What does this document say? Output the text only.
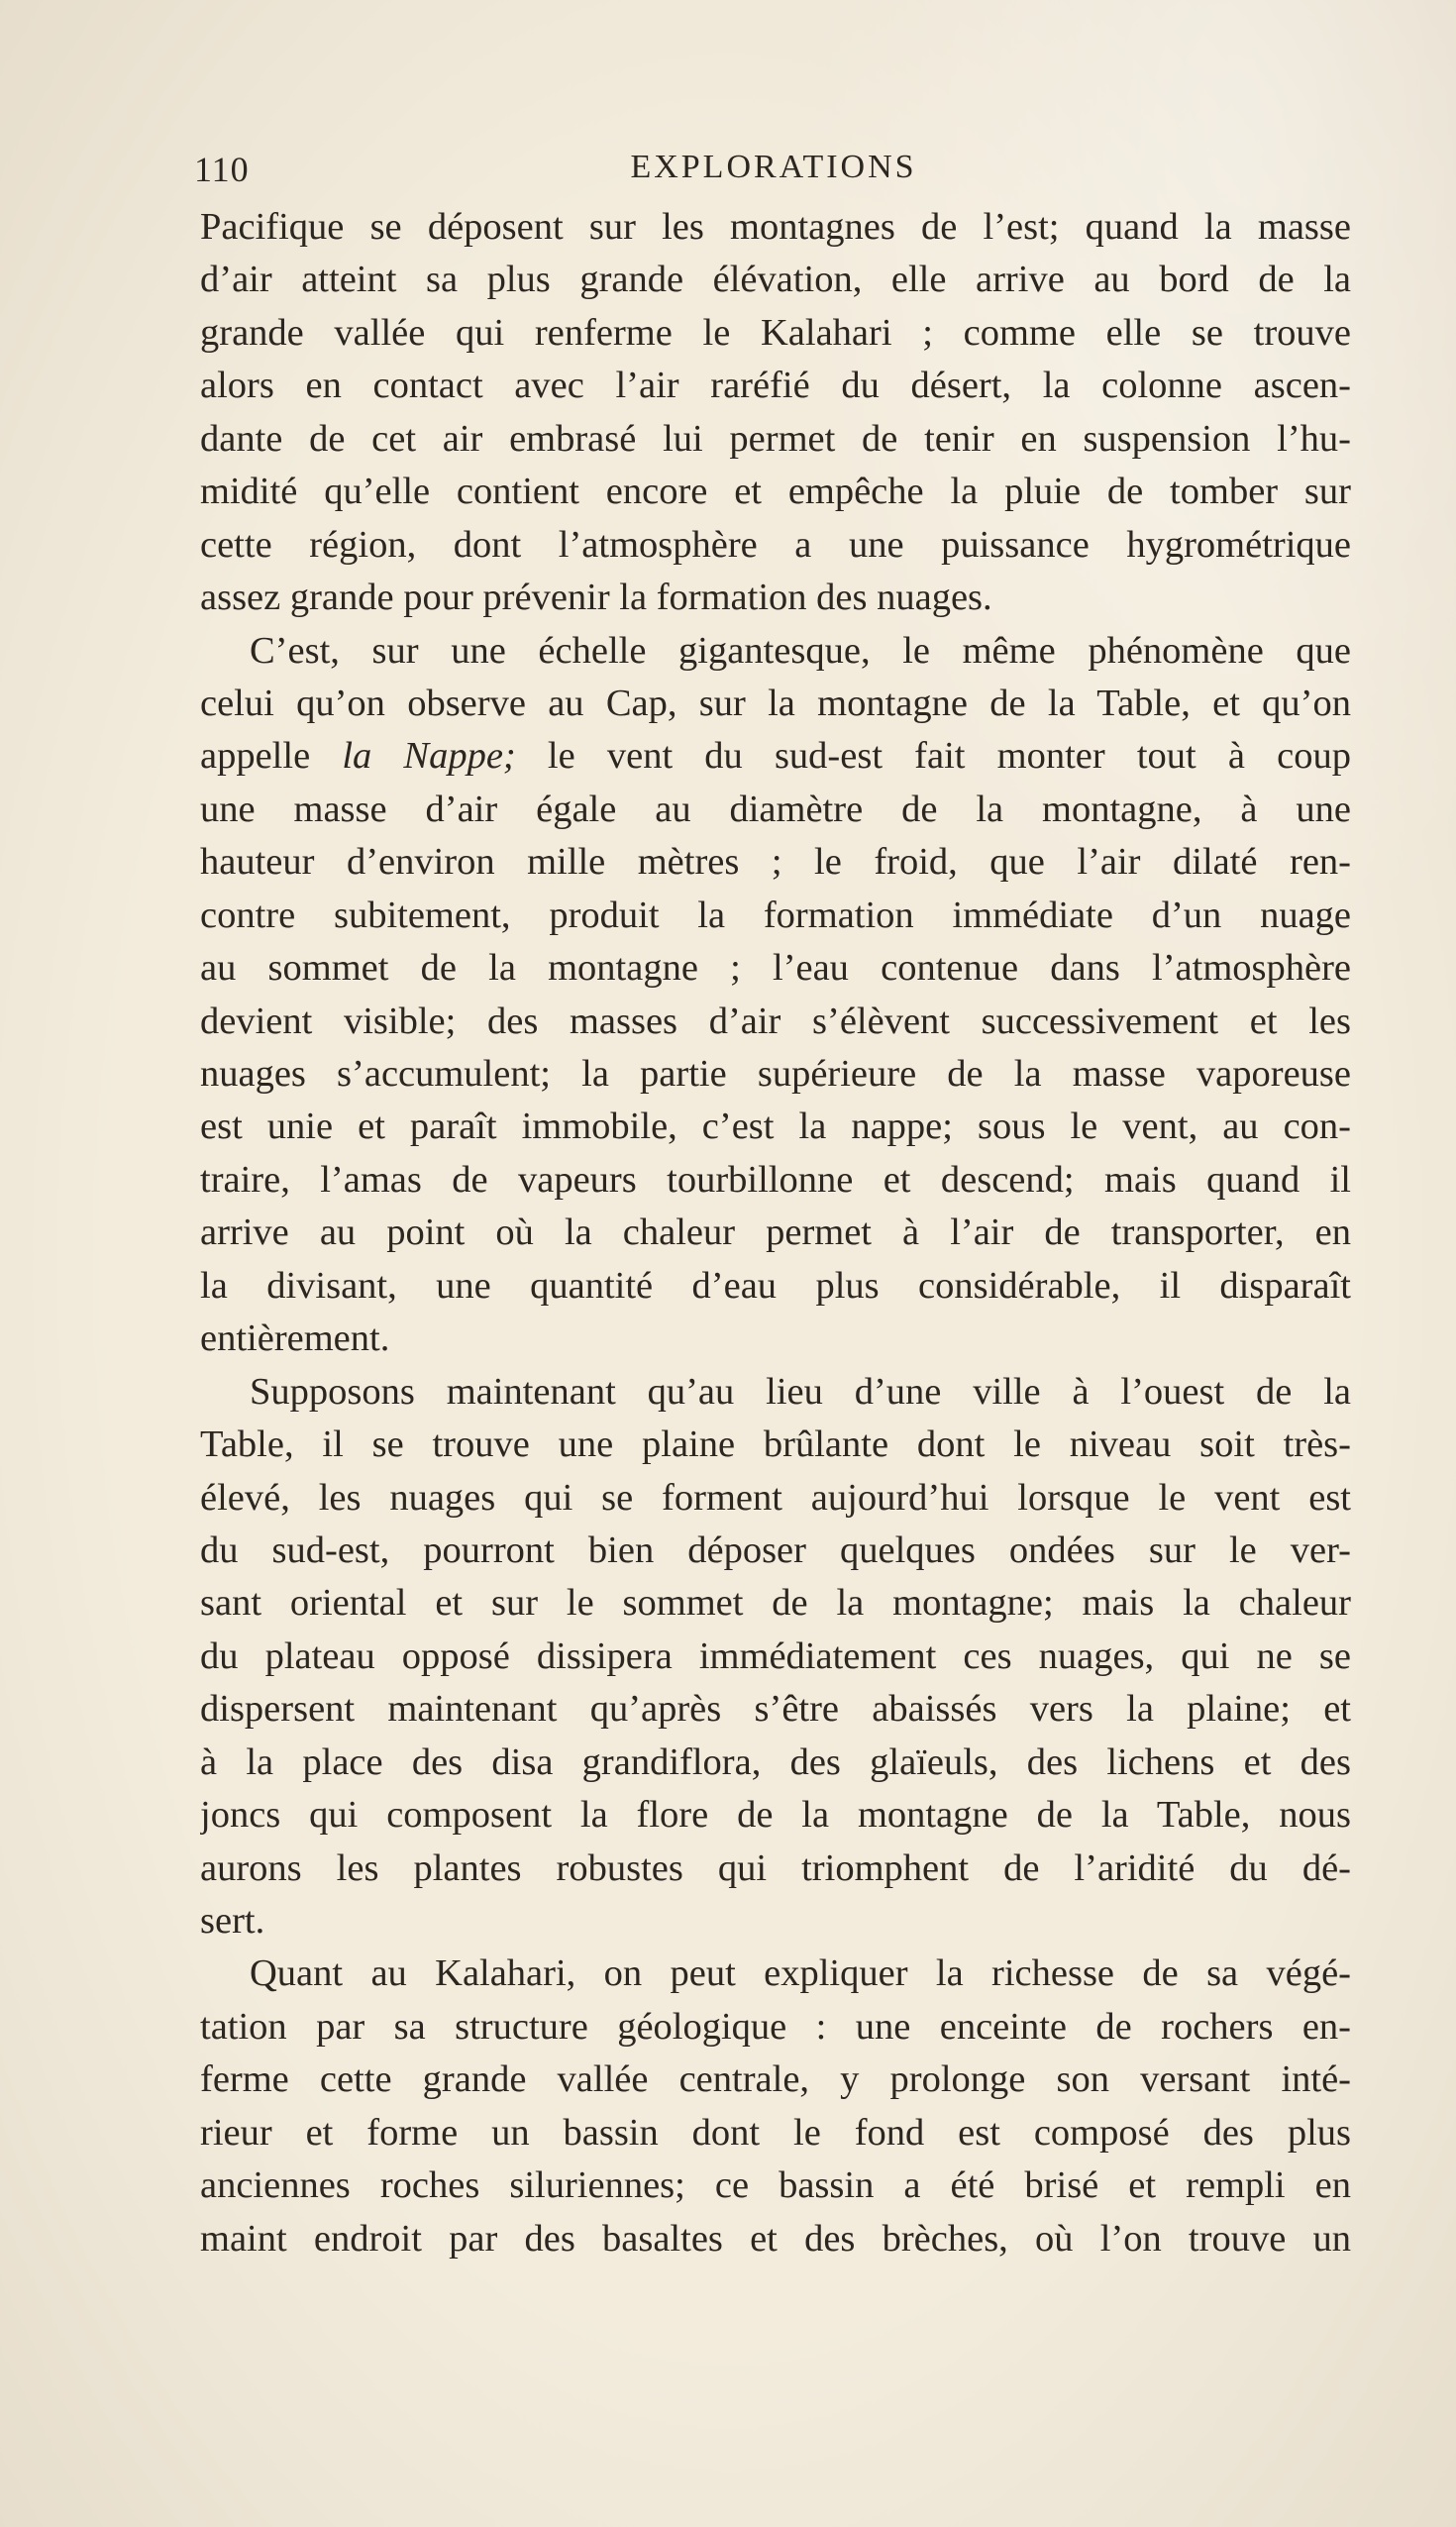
110	EXPLORATIONS
Pacifique se déposent sur les montagnes de l’est; quand la masse
d’air atteint sa plus grande élévation, elle arrive au bord de la
grande vallée qui renferme le Kalahari ; comme elle se trouve
alors en contact avec l’air raréfié du désert, la colonne ascen-
dante de cet air embrasé lui permet de tenir en suspension l’hu-
midité qu’elle contient encore et empêche la pluie de tomber sur
cette région, dont l’atmosphère a une puissance hygrométrique
assez grande pour prévenir la formation des nuages.
C’est, sur une échelle gigantesque, le même phénomène que
celui qu’on observe au Cap, sur la montagne de la Table, et qu’on
appelle la Nappe; le vent du sud-est fait monter tout à coup
une masse d’air égale au diamètre de la montagne, à une
hauteur d’environ mille mètres ; le froid, que l’air dilaté ren-
contre subitement, produit la formation immédiate d’un nuage
au sommet de la montagne ; l’eau contenue dans l’atmosphère
devient visible; des masses d’air s’élèvent successivement et les
nuages s’accumulent; la partie supérieure de la masse vaporeuse
est unie et paraît immobile, c’est la nappe; sous le vent, au con-
traire, l’amas de vapeurs tourbillonne et descend; mais quand il
arrive au point où la chaleur permet à l’air de transporter, en
la divisant, une quantité d’eau plus considérable, il disparaît
entièrement.
Supposons maintenant qu’au lieu d’une ville à l’ouest de la
Table, il se trouve une plaine brûlante dont le niveau soit très-
élevé, les nuages qui se forment aujourd’hui lorsque le vent est
du sud-est, pourront bien déposer quelques ondées sur le ver-
sant oriental et sur le sommet de la montagne; mais la chaleur
du plateau opposé dissipera immédiatement ces nuages, qui ne se
dispersent maintenant qu’après s’être abaissés vers la plaine; et
à la place des disa grandiflora, des glaïeuls, des lichens et des
joncs qui composent la flore de la montagne de la Table, nous
aurons les plantes robustes qui triomphent de l’aridité du dé-
sert.
Quant au Kalahari, on peut expliquer la richesse de sa végé-
tation par sa structure géologique : une enceinte de rochers en-
ferme cette grande vallée centrale, y prolonge son versant inté-
rieur et forme un bassin dont le fond est composé des plus
anciennes roches siluriennes; ce bassin a été brisé et rempli en
maint endroit par des basaltes et des brèches, où l’on trouve un
